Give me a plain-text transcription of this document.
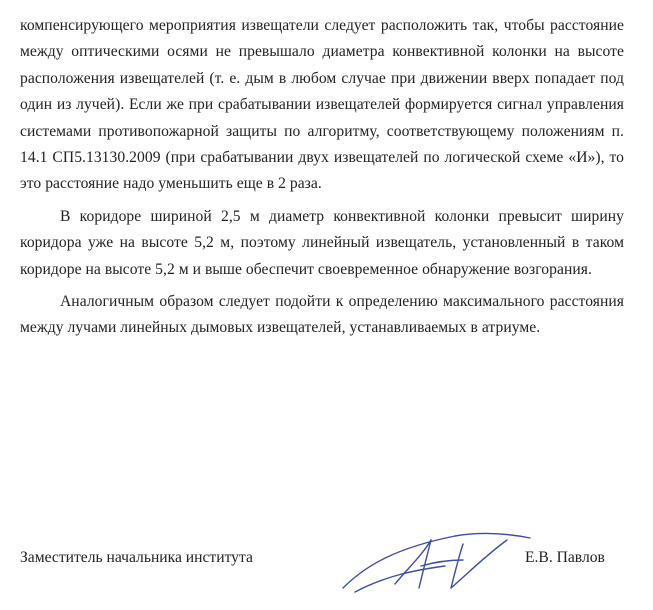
компенсирующего мероприятия извещатели следует расположить так, чтобы расстояние между оптическими осями не превышало диаметра конвективной колонки на высоте расположения извещателей (т. е. дым в любом случае при движении вверх попадает под один из лучей). Если же при срабатывании извещателей формируется сигнал управления системами противопожарной защиты по алгоритму, соответствующему положениям п. 14.1 СП5.13130.2009 (при срабатывании двух извещателей по логической схеме «И»), то это расстояние надо уменьшить еще в 2 раза.

В коридоре шириной 2,5 м диаметр конвективной колонки превысит ширину коридора уже на высоте 5,2 м, поэтому линейный извещатель, установленный в таком коридоре на высоте 5,2 м и выше обеспечит своевременное обнаружение возгорания.

Аналогичным образом следует подойти к определению максимального расстояния между лучами линейных дымовых извещателей, устанавливаемых в атриуме.

Заместитель начальника института	Е.В. Павлов
